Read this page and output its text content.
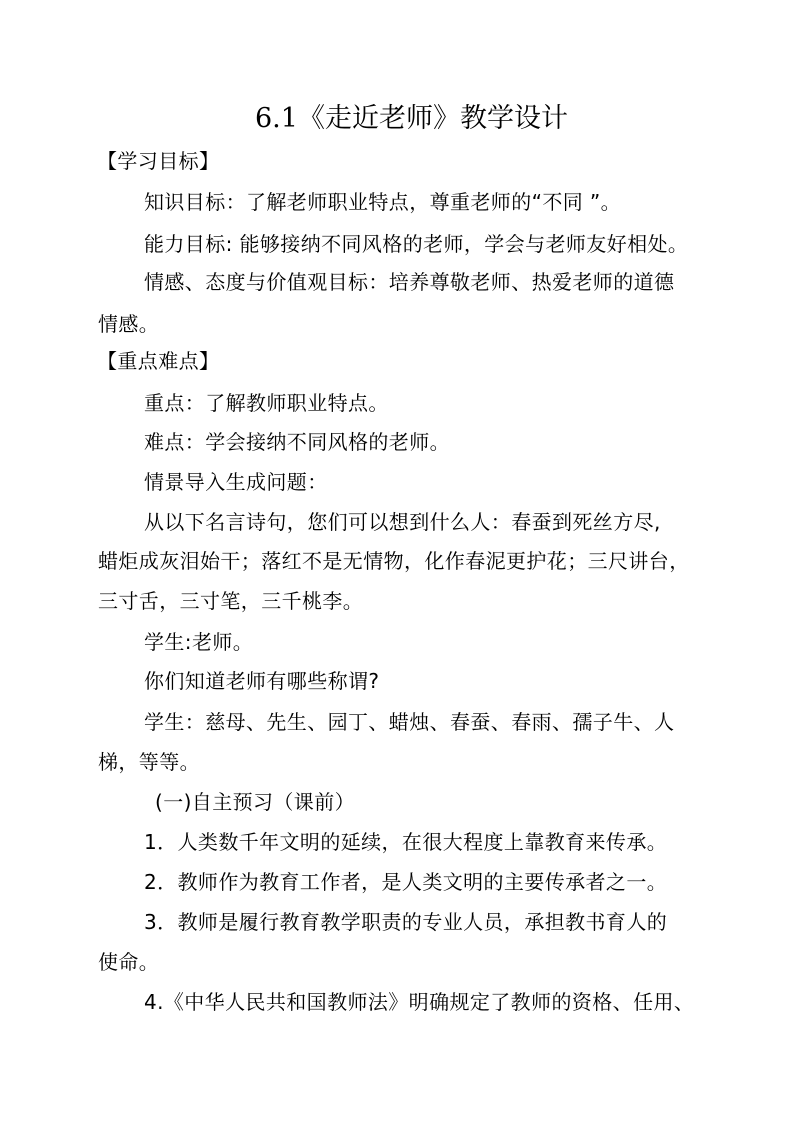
6.1《走近老师》教学设计
【学习目标】
知识目标：了解老师职业特点，尊重老师的“不同 ”。
能力目标: 能够接纳不同风格的老师，学会与老师友好相处。
情感、态度与价值观目标：培养尊敬老师、热爱老师的道德
情感。
【重点难点】
重点：了解教师职业特点。
难点：学会接纳不同风格的老师。
情景导入生成问题：
从以下名言诗句，您们可以想到什么人：春蚕到死丝方尽,
蜡炬成灰泪始干；落红不是无情物，化作春泥更护花；三尺讲台，
三寸舌，三寸笔，三千桃李。
学生:老师。
你们知道老师有哪些称谓?
学生：慈母、先生、园丁、蜡烛、春蚕、春雨、孺子牛、人
梯，等等。
(一)自主预习（课前）
1．人类数千年文明的延续，在很大程度上靠教育来传承。
2．教师作为教育工作者，是人类文明的主要传承者之一。
3．教师是履行教育教学职责的专业人员，承担教书育人的
使命。
4.《中华人民共和国教师法》明确规定了教师的资格、任用、
